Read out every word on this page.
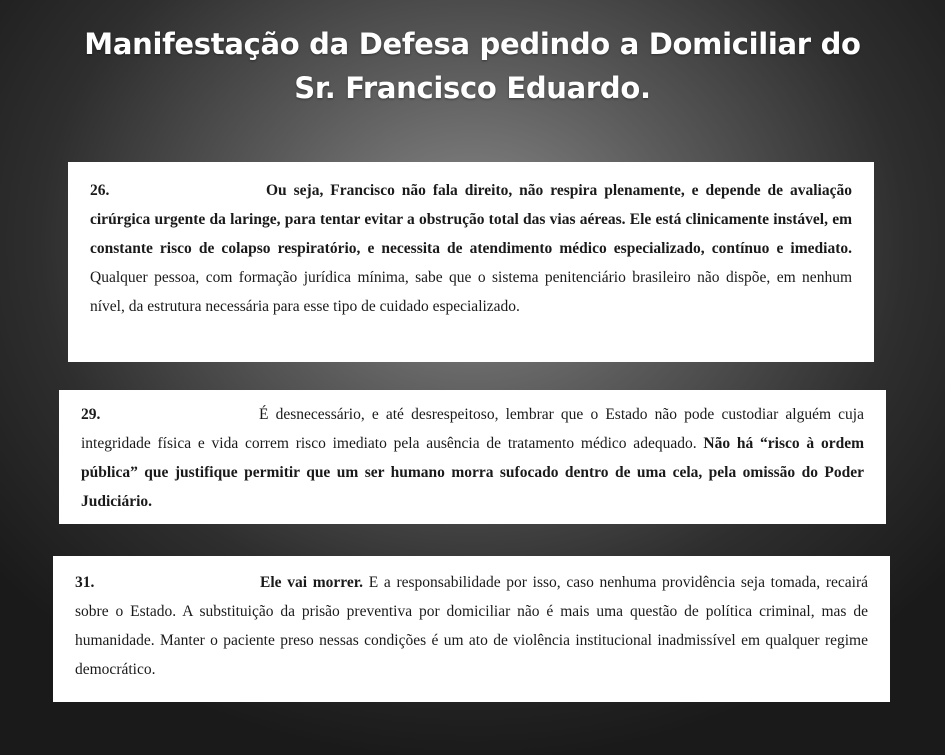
Manifestação da Defesa pedindo a Domiciliar do
Sr. Francisco Eduardo.

26.	Ou seja, Francisco não fala direito, não respira plenamente, e depende de avaliação cirúrgica urgente da laringe, para tentar evitar a obstrução total das vias aéreas. Ele está clinicamente instável, em constante risco de colapso respiratório, e necessita de atendimento médico especializado, contínuo e imediato. Qualquer pessoa, com formação jurídica mínima, sabe que o sistema penitenciário brasileiro não dispõe, em nenhum nível, da estrutura necessária para esse tipo de cuidado especializado.

29.	É desnecessário, e até desrespeitoso, lembrar que o Estado não pode custodiar alguém cuja integridade física e vida correm risco imediato pela ausência de tratamento médico adequado. Não há “risco à ordem pública” que justifique permitir que um ser humano morra sufocado dentro de uma cela, pela omissão do Poder Judiciário.

31.	Ele vai morrer. E a responsabilidade por isso, caso nenhuma providência seja tomada, recairá sobre o Estado. A substituição da prisão preventiva por domiciliar não é mais uma questão de política criminal, mas de humanidade. Manter o paciente preso nessas condições é um ato de violência institucional inadmissível em qualquer regime democrático.
